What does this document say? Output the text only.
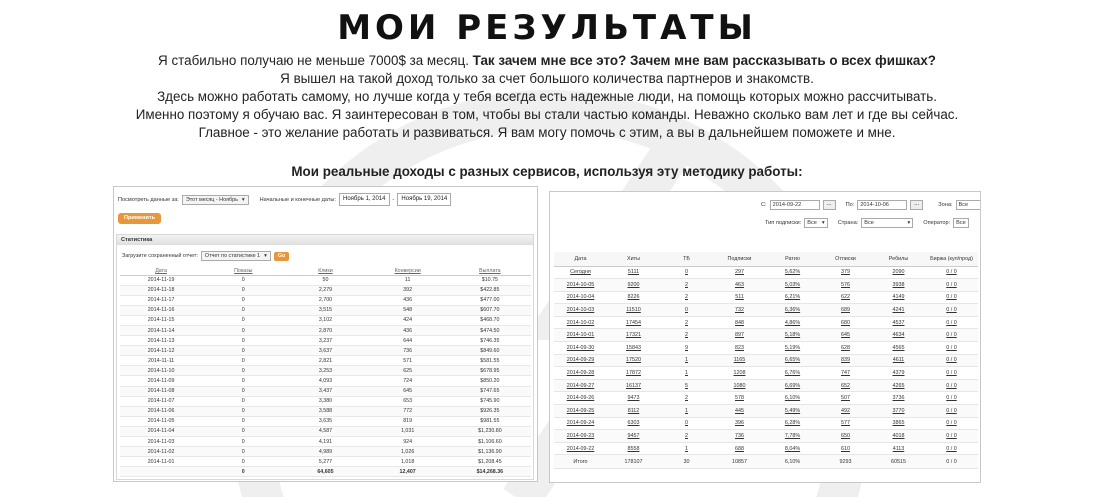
МОИ РЕЗУЛЬТАТЫ
Я стабильно получаю не меньше 7000$ за месяц. Так зачем мне все это? Зачем мне вам рассказывать о всех фишках?
Я вышел на такой доход только за счет большого количества партнеров и знакомств.
Здесь можно работать самому, но лучше когда у тебя всегда есть надежные люди, на помощь которых можно рассчитывать.
Именно поэтому я обучаю вас. Я заинтересован в том, чтобы вы стали частью команды. Неважно сколько вам лет и где вы сейчас.
Главное - это желание работать и развиваться. Я вам могу помочь с этим, а вы в дальнейшем поможете и мне.
Мои реальные доходы с разных сервисов, используя эту методику работы:
Посмотреть данные за: Этот месяц - Ноябрь ▾	Начальные и конечные даты:	Ноябрь 1, 2014	-	Ноябрь 19, 2014
Применить
Статистика
Загрузите сохраненный отчет: Отчет по статистике 1 ▾	Go
Дата	Показы	Клики	Конверсии	Выплата
2014-11-19	0	50	11	$10.75
2014-11-18	0	2,279	392	$422.85
2014-11-17	0	2,700	436	$477.00
2014-11-16	0	3,515	548	$607.70
2014-11-15	0	3,102	424	$468.70
2014-11-14	0	2,870	436	$474.50
2014-11-13	0	3,237	644	$746.35
2014-11-12	0	3,637	736	$849.60
2014-11-11	0	2,821	571	$581.55
2014-11-10	0	3,253	625	$678.95
2014-11-09	0	4,093	724	$850.20
2014-11-08	0	3,437	645	$747.65
2014-11-07	0	3,380	653	$745.90
2014-11-06	0	3,588	772	$926.35
2014-11-05	0	3,635	819	$981.55
2014-11-04	0	4,587	1,031	$1,230.80
2014-11-03	0	4,191	924	$1,106.60
2014-11-02	0	4,989	1,026	$1,136.90
2014-11-01	0	5,277	1,018	$1,208.45
	0	64,605	12,407	$14,268.36
С:	2014-09-22	...	По:	2014-10-06	...	Зона:	Все
Тип подписки: Все ▾ Страна: Все	▾ Оператор: Все
Дата	Хиты	ТБ	Подписки	Ратио	Отписки	Ребилы	Биржа (кул/прод)
Сегодня	5111	0	297	5,62%	379	2090	0 / 0
2014-10-05	9200	2	463	5,03%	576	3938	0 / 0
2014-10-04	8226	2	511	6,21%	622	4149	0 / 0
2014-10-03	11510	0	732	6,36%	689	4241	0 / 0
2014-10-02	17454	2	848	4,86%	680	4537	0 / 0
2014-10-01	17321	2	897	5,18%	645	4634	0 / 0
2014-09-30	15843	9	823	5,19%	628	4565	0 / 0
2014-09-29	17520	1	1165	6,65%	839	4611	0 / 0
2014-09-28	17872	1	1208	6,76%	747	4379	0 / 0
2014-09-27	16137	5	1080	6,69%	652	4265	0 / 0
2014-09-26	9473	2	578	6,10%	507	3736	0 / 0
2014-09-25	8112	1	445	5,49%	492	3770	0 / 0
2014-09-24	6303	0	396	6,28%	577	3865	0 / 0
2014-09-23	9457	2	736	7,78%	650	4018	0 / 0
2014-09-22	8558	1	688	8,04%	610	4113	0 / 0
Итого	178107	30	10857	6,10%	9293	60515	0 / 0
